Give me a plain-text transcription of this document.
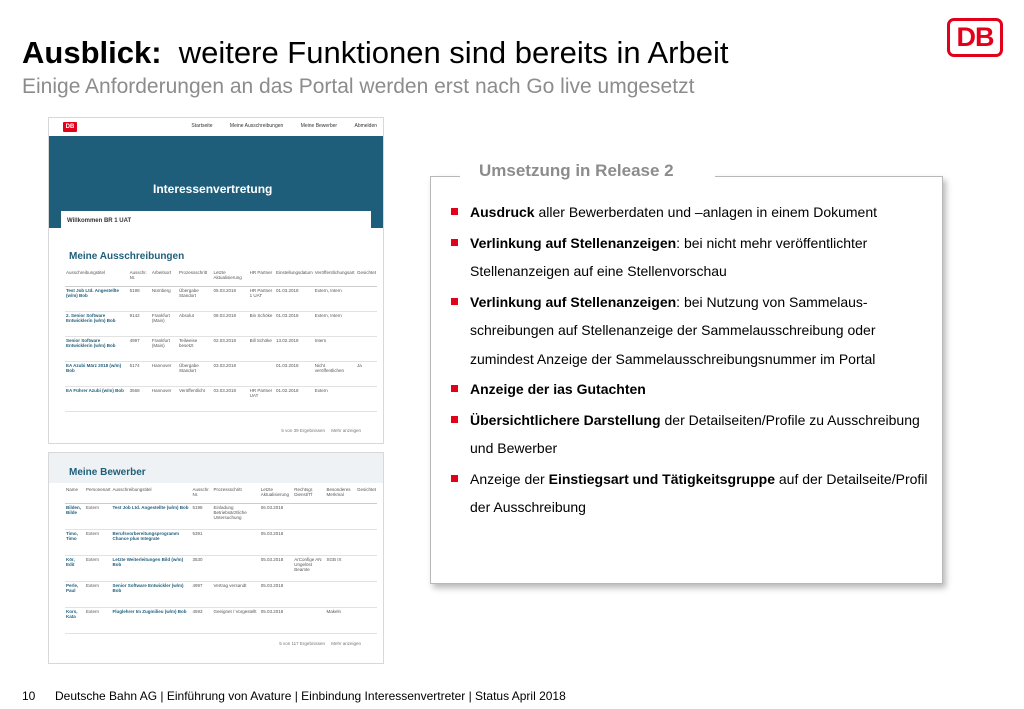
Ausblick: weitere Funktionen sind bereits in Arbeit
Einige Anforderungen an das Portal werden erst nach Go live umgesetzt
DB
DB	Startseite	Meine Ausschreibungen	Meine Bewerber	Abmelden
Interessenvertretung
Willkommen BR 1 UAT
Meine Ausschreibungen
Ausschreibungstitel	Ausschr. Nr.	Arbeitsort	Prozessschritt	Letzte Aktualisierung	HR Partner	Einstellungsdatum	Veröffentlichungsart	Gesichtet
Test Job Ltd. Angestellte (w/m) Bob	5198	Nürnberg	Übergabe Standort	05.03.2018	HR Partner 1 UAT	01.03.2018	Extern, Intern	
2. Senior Software Entwicklerin (w/m) Bob	9142	Frankfurt (Main)	Absolut	08.03.2018	Bin Schöke	01.03.2018	Extern, Intern	
Senior Software Entwicklerin (w/m) Bob	4997	Frankfurt (Main)	Teilweise besetzt	02.03.2018	Bill Schöke	13.02.2018	Intern	
EA Azubi März 2018 (w/m) Bob	5174	Hannover	Übergabe Standort	03.03.2018		01.03.2018	Nicht veröffentlichen	Ja
EA Führer Azubi (w/m) Bob	3568	Hannover	Veröffentlicht	03.03.2018	HR Partner UAT	01.02.2018	Extern	
5 von 39 Ergebnissen Mehr anzeigen
Meine Bewerber
Name	Personenart	Ausschreibungstitel	Ausschr. Nr.	Prozessschritt	Letzte Aktualisierung	Rechtsgr. Dienst/Tf	Besonderes Merkmal	Gesichtet
Bilden, Bilde	Extern	Test Job Ltd. Angestellte (w/m) Bob	5198	Einladung Betriebsärztliche Untersuchung	06.03.2018			
Timo, Timo	Extern	Berufsvorbereitungsprogramm Chance plus Integrate	5391		05.03.2018			
Kör, Edit	Extern	Letzte Weiterleitungen Bild (w/m) Bob	3530		05.03.2018	ArConfige AN Ungelöst Beamte	SGB IX	
Perle, Paul	Extern	Senior Software Entwickler (w/m) Bob	4997	Vertrag versandt	05.03.2018			
Kors, Kata	Extern	Fluglehrer Im Zugmilieu (w/m) Bob	4593	Geeignet / Vorgestellt	05.03.2018		Makeln	
5 von 117 Ergebnissen Mehr anzeigen
Umsetzung in Release 2
Ausdruck aller Bewerberdaten und –anlagen in einem Dokument
Verlinkung auf Stellenanzeigen: bei nicht mehr veröffentlichter Stellenanzeigen auf eine Stellenvorschau
Verlinkung auf Stellenanzeigen: bei Nutzung von Sammelaus-schreibungen auf Stellenanzeige der Sammelausschreibung oder zumindest Anzeige der Sammelausschreibungsnummer im Portal
Anzeige der ias Gutachten
Übersichtlichere Darstellung der Detailseiten/Profile zu Ausschreibung und Bewerber
Anzeige der Einstiegsart und Tätigkeitsgruppe auf der Detailseite/Profil der Ausschreibung
10 Deutsche Bahn AG | Einführung von Avature | Einbindung Interessenvertreter | Status April 2018
